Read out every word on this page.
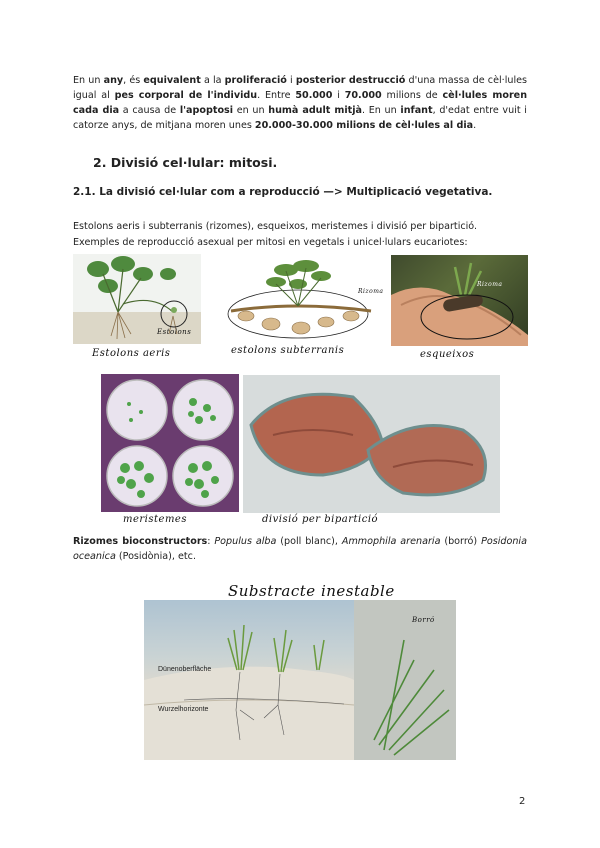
En un any, és equivalent a la proliferació i posterior destrucció d'una massa de cèl·lules igual al pes corporal de l'individu. Entre 50.000 i 70.000 milions de cèl·lules moren cada dia a causa de l'apoptosi en un humà adult mitjà. En un infant, d'edat entre vuit i catorze anys, de mitjana moren unes 20.000-30.000 milions de cèl·lules al dia.
2. Divisió cel·lular: mitosi.
2.1. La divisió cel·lular com a reproducció —> Multiplicació vegetativa.
Estolons aeris i subterranis (rizomes), esqueixos, meristemes i divisió per bipartició.
Exemples de reproducció asexual per mitosi en vegetals i unicel·lulars eucariotes:
Estolons
Estolons aeris
Rizoma
estolons subterranis
Rizoma
esqueixos
meristemes	divisió per bipartició
Rizomes bioconstructors: Populus alba (poll blanc), Ammophila arenaria (borró) Posidonia oceanica (Posidònia), etc.
Substracte inestable
Dünenoberfläche
Wurzelhorizonte
Borró
2
